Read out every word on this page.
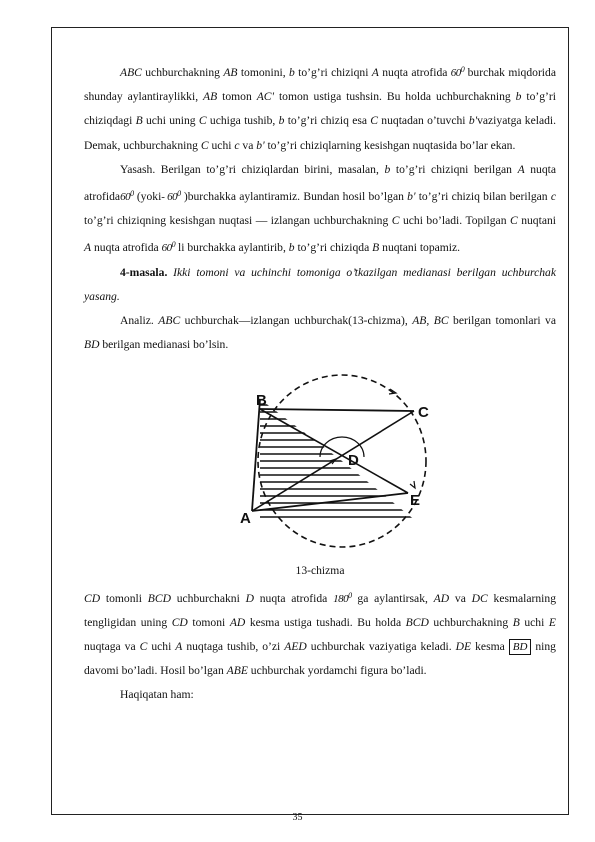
ABC uchburchakning AB tomonini, b to’g’ri chiziqni A nuqta atrofida $60^0$ burchak miqdorida shunday aylantiraylikki, AB tomon AC' tomon ustiga tushsin. Bu holda uchburchakning b to’g’ri chiziqdagi B uchi uning C uchiga tushib, b to’g’ri chiziq esa C nuqtadan o’tuvchi b'vaziyatga keladi. Demak, uchburchakning C uchi c va b' to’g’ri chiziqlarning kesishgan nuqtasida bo’lar ekan.

Yasash. Berilgan to’g’ri chiziqlardan birini, masalan, b to’g’ri chiziqni berilgan A nuqta $atrofida60^0$ (yoki- $60^0$ )burchakka aylantiramiz. Bundan hosil bo’lgan b' to’g’ri chiziq bilan berilgan c to’g’ri chiziqning kesishgan nuqtasi — izlangan uchburchakning C uchi bo’ladi. Topilgan C nuqtani A nuqta atrofida $60^0$ li burchakka aylantirib, b to’g’ri chiziqda B nuqtani topamiz.

4-masala. Ikki tomoni va uchinchi tomoniga o’tkazilgan medianasi berilgan uchburchak yasang.

Analiz. ABC uchburchak—izlangan uchburchak(13-chizma), AB, BC berilgan tomonlari va BD berilgan medianasi bo’lsin.

B
C
D
A
E

13-chizma

CD tomonli BCD uchburchakni D nuqta atrofida $180^0$ ga aylantirsak, AD va DC kesmalarning tengligidan uning CD tomoni AD kesma ustiga tushadi. Bu holda BCD uchburchakning B uchi E nuqtaga va C uchi A nuqtaga tushib, o’zi AED uchburchak vaziyatiga keladi. DE kesma BD ning davomi bo’ladi. Hosil bo’lgan ABE uchburchak yordamchi figura bo’ladi.

Haqiqatan ham:

35
